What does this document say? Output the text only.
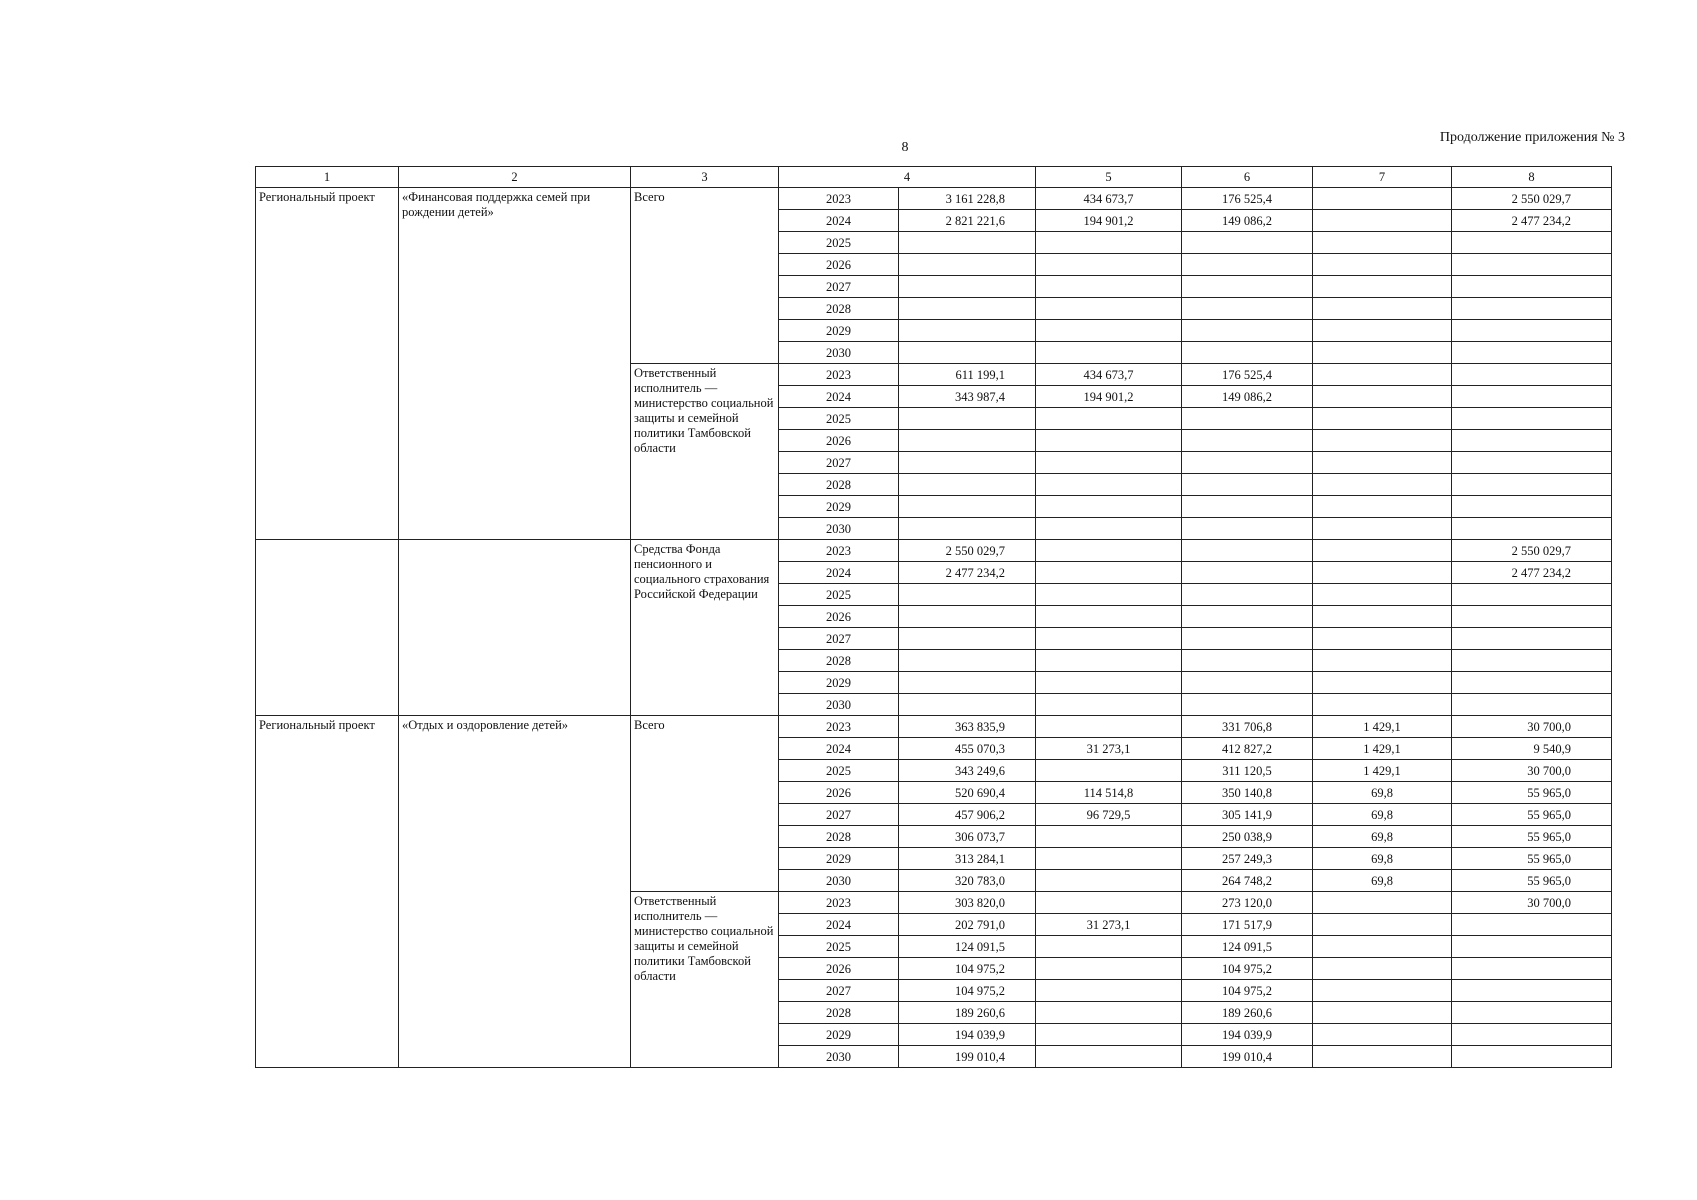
8
Продолжение приложения № 3
1	2	3	4		5	6	7	8
Региональный проект	«Финансовая поддержка семей при рождении детей»	Всего	2023	3 161 228,8	434 673,7	176 525,4		2 550 029,7
			2024	2 821 221,6	194 901,2	149 086,2		2 477 234,2
			2025					
			2026					
			2027					
			2028					
			2029					
			2030					
		Ответственный исполнитель — министерство социальной защиты и семейной политики Тамбовской области	2023	611 199,1	434 673,7	176 525,4		
			2024	343 987,4	194 901,2	149 086,2		
			2025					
			2026					
			2027					
			2028					
			2029					
			2030					
		Средства Фонда пенсионного и социального страхования Российской Федерации	2023	2 550 029,7				2 550 029,7
			2024	2 477 234,2				2 477 234,2
			2025					
			2026					
			2027					
			2028					
			2029					
			2030					
Региональный проект	«Отдых и оздоровление детей»	Всего	2023	363 835,9		331 706,8	1 429,1	30 700,0
			2024	455 070,3	31 273,1	412 827,2	1 429,1	9 540,9
			2025	343 249,6		311 120,5	1 429,1	30 700,0
			2026	520 690,4	114 514,8	350 140,8	69,8	55 965,0
			2027	457 906,2	96 729,5	305 141,9	69,8	55 965,0
			2028	306 073,7		250 038,9	69,8	55 965,0
			2029	313 284,1		257 249,3	69,8	55 965,0
			2030	320 783,0		264 748,2	69,8	55 965,0
		Ответственный исполнитель — министерство социальной защиты и семейной политики Тамбовской области	2023	303 820,0		273 120,0		30 700,0
			2024	202 791,0	31 273,1	171 517,9		
			2025	124 091,5		124 091,5		
			2026	104 975,2		104 975,2		
			2027	104 975,2		104 975,2		
			2028	189 260,6		189 260,6		
			2029	194 039,9		194 039,9		
			2030	199 010,4		199 010,4		
